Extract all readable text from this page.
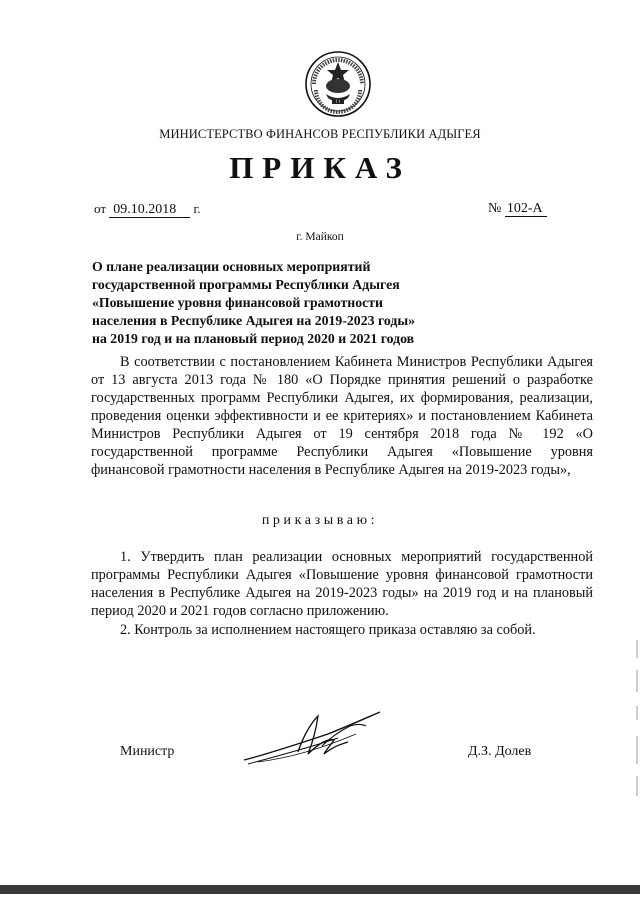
I I
МИНИСТЕРСТВО ФИНАНСОВ РЕСПУБЛИКИ АДЫГЕЯ
ПРИКАЗ
от 09.10.2018 г.	№ 102-А
г. Майкоп
О плане реализации основных мероприятий
государственной программы Республики Адыгея
«Повышение уровня финансовой грамотности
населения в Республике Адыгея на 2019-2023 годы»
на 2019 год и на плановый период 2020 и 2021 годов
В соответствии с постановлением Кабинета Министров Республики Адыгея от 13 августа 2013 года № 180 «О Порядке принятия решений о разработке государственных программ Республики Адыгея, их формирования, реализации, проведения оценки эффективности и ее критериях» и постановлением Кабинета Министров Республики Адыгея от 19 сентября 2018 года № 192 «О государственной программе Республики Адыгея «Повышение уровня финансовой грамотности населения в Республике Адыгея на 2019-2023 годы»,
приказываю:
1. Утвердить план реализации основных мероприятий государственной программы Республики Адыгея «Повышение уровня финансовой грамотности населения в Республике Адыгея на 2019-2023 годы» на 2019 год и на плановый период 2020 и 2021 годов согласно приложению.
2. Контроль за исполнением настоящего приказа оставляю за собой.
Министр	Д.З. Долев
